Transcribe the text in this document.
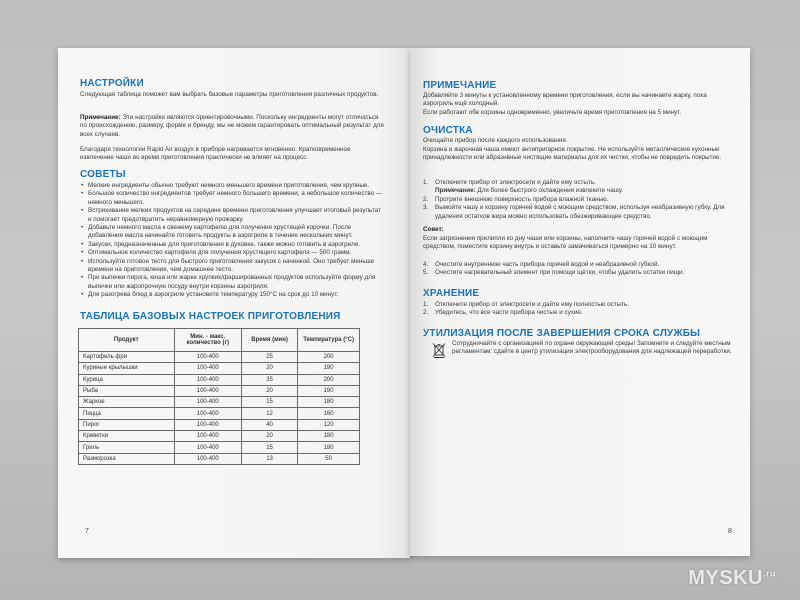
НАСТРОЙКИ

Следующая таблица поможет вам выбрать базовые параметры приготовления различных продуктов.

Примечание: Эти настройки являются ориентировочными. Поскольку ингредиенты могут отличаться по происхождению, размеру, форме и бренду, мы не можем гарантировать оптимальный результат для всех случаев.

Благодаря технологии Rapid Air воздух в приборе нагревается мгновенно. Кратковременное извлечение чаши во время приготовления практически не влияет на процесс.

СОВЕТЫ
• Мелкие ингредиенты обычно требуют немного меньшего времени приготовления, чем крупные.
• Большое количество ингредиентов требует немного большего времени, а небольшое количество — немного меньшего.
• Встряхивание мелких продуктов на середине времени приготовления улучшает итоговый результат и помогает предотвратить неравномерную прожарку.
• Добавьте немного масла к свежему картофелю для получения хрустящей корочки. После добавления масла начинайте готовить продукты в аэрогриле в течение нескольких минут.
• Закуски, предназначенные для приготовления в духовке, также можно готовить в аэрогриле.
• Оптимальное количество картофеля для получения хрустящего картофеля — 500 грамм.
• Используйте готовое тесто для быстрого приготовления закусок с начинкой. Оно требует меньше времени на приготовление, чем домашнее тесто.
• При выпечки пирога, киша или жарке хрупких/фаршированных продуктов используйте форму для выпечки или жаропрочную посуду внутри корзины аэрогриля.
• Для разогрева блюд в аэрогриле установите температуру 150°С на срок до 10 минут.
ТАБЛИЦА БАЗОВЫХ НАСТРОЕК ПРИГОТОВЛЕНИЯ
Продукт	Мин. - макс. количество (г)	Время (мин)	Температура (°С)
Картофель фри	100-400	25	200
Куриные крылышки	100-400	20	190
Курица	100-400	35	200
Рыба	100-400	20	190
Жаркое	100-400	15	180
Пицца	100-400	12	160
Пирог	100-400	40	120
Креветки	100-400	20	180
Гриль	100-400	15	180
Разморозка	100-400	13	50
7
ПРИМЕЧАНИЕ

Добавляйте 3 минуты к установленному времени приготовления, если вы начинаете жарку, пока аэрогриль ещё холодный.

Если работают обе корзины одновременно, увеличьте время приготовления на 5 минут.

ОЧИСТКА

Очищайте прибор после каждого использования.

Корзина и жарочная чаша имеют антипригарное покрытие. Не используйте металлические кухонные принадлежности или абразивные чистящие материалы для их чистки, чтобы не повредить покрытие.

1. Отключите прибор от электросети и дайте ему остыть.
Примечание: Для более быстрого охлаждения извлеките чашу.
2. Протрите внешнюю поверхность прибора влажной тканью.
3. Вымойте чашу и корзину горячей водой с моющим средством, используя неабразивную губку. Для удаления остатков жира можно использовать обезжиривающее средство.

Совет:

Если загрязнения прилипли ко дну чаши или корзины, наполните чашу горячей водой с моющим средством, поместите корзину внутрь и оставьте замачиваться примерно на 10 минут.

4. Очистите внутреннюю часть прибора горячей водой и неабразивной губкой.
5. Очистите нагревательный элемент при помощи щётки, чтобы удалить остатки пищи.
ХРАНЕНИЕ
1. Отключите прибор от электросети и дайте ему полностью остыть.
2. Убедитесь, что все части прибора чистые и сухие.
УТИЛИЗАЦИЯ ПОСЛЕ ЗАВЕРШЕНИЯ СРОКА СЛУЖБЫ

Сотрудничайте с организацией по охране окружающей среды! Запомните и следуйте местным регламентам: сдайте в центр утилизации электрооборудования для надлежащей переработки.

8
$MYSKU^{.ru}$
